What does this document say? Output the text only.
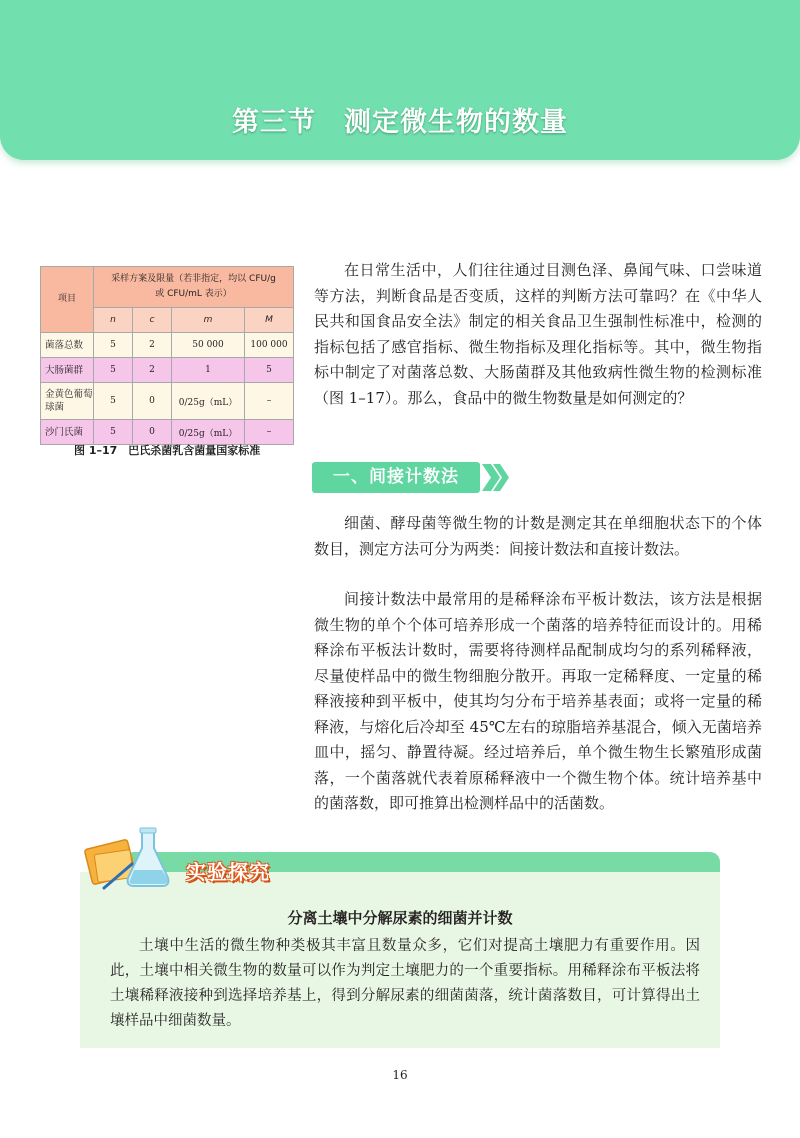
第三节　测定微生物的数量
项目	采样方案及限量（若非指定，均以 CFU/g 或 CFU/mL 表示）			
	n	c	m	M
菌落总数	5	2	50 000	100 000
大肠菌群	5	2	1	5
金黄色葡萄球菌	5	0	0/25g（mL）	–
沙门氏菌	5	0	0/25g（mL）	–
图 1–17　巴氏杀菌乳含菌量国家标准

在日常生活中，人们往往通过目测色泽、鼻闻气味、口尝味道等方法，判断食品是否变质，这样的判断方法可靠吗？在《中华人民共和国食品安全法》制定的相关食品卫生强制性标准中，检测的指标包括了感官指标、微生物指标及理化指标等。其中，微生物指标中制定了对菌落总数、大肠菌群及其他致病性微生物的检测标准（图 1–17）。那么，食品中的微生物数量是如何测定的？

一、间接计数法

细菌、酵母菌等微生物的计数是测定其在单细胞状态下的个体数目，测定方法可分为两类：间接计数法和直接计数法。

间接计数法中最常用的是稀释涂布平板计数法，该方法是根据微生物的单个个体可培养形成一个菌落的培养特征而设计的。用稀释涂布平板法计数时，需要将待测样品配制成均匀的系列稀释液，尽量使样品中的微生物细胞分散开。再取一定稀释度、一定量的稀释液接种到平板中，使其均匀分布于培养基表面；或将一定量的稀释液，与熔化后冷却至 45℃左右的琼脂培养基混合，倾入无菌培养皿中，摇匀、静置待凝。经过培养后，单个微生物生长繁殖形成菌落，一个菌落就代表着原稀释液中一个微生物个体。统计培养基中的菌落数，即可推算出检测样品中的活菌数。

实验探究
分离土壤中分解尿素的细菌并计数

土壤中生活的微生物种类极其丰富且数量众多，它们对提高土壤肥力有重要作用。因此，土壤中相关微生物的数量可以作为判定土壤肥力的一个重要指标。用稀释涂布平板法将土壤稀释液接种到选择培养基上，得到分解尿素的细菌菌落，统计菌落数目，可计算得出土壤样品中细菌数量。

16
